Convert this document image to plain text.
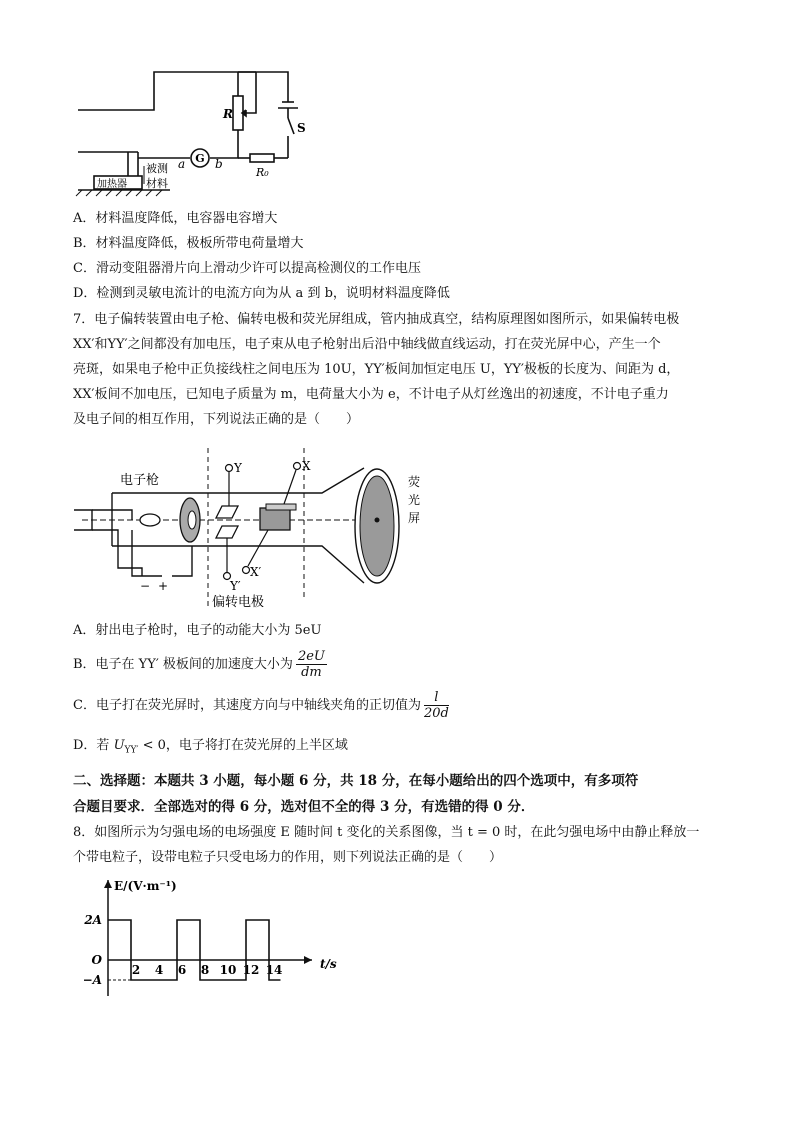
G
a b
R
S
R₀
被测
材料
加热器
A．材料温度降低，电容器电容增大
B．材料温度降低，极板所带电荷量增大
C．滑动变阻器滑片向上滑动少许可以提高检测仪的工作电压
D．检测到灵敏电流计的电流方向为从 a 到 b，说明材料温度降低
7．电子偏转装置由电子枪、偏转电极和荧光屏组成，管内抽成真空，结构原理图如图所示，如果偏转电极
XX′和YY′之间都没有加电压，电子束从电子枪射出后沿中轴线做直线运动，打在荧光屏中心，产生一个
亮斑，如果电子枪中正负接线柱之间电压为 10U，YY′板间加恒定电压 U，YY′极板的长度为、间距为 d，
XX′板间不加电压，已知电子质量为 m，电荷量大小为 e，不计电子从灯丝逸出的初速度，不计电子重力
及电子间的相互作用，下列说法正确的是（　　）
电子枪
Y	X
Y′
X′
荧
光
屏
− +
偏转电极
A．射出电子枪时，电子的动能大小为 5eU
B．电子在 YY′ 极板间的加速度大小为 $\frac{2eU}{dm}$
C．电子打在荧光屏时，其速度方向与中轴线夹角的正切值为 $\frac{l}{20d}$
D．若 $U_{YY'} < 0$，电子将打在荧光屏的上半区域
二、选择题：本题共 3 小题，每小题 6 分，共 18 分，在每小题给出的四个选项中，有多项符
合题目要求．全部选对的得 6 分，选对但不全的得 3 分，有选错的得 0 分．
8．如图所示为匀强电场的电场强度 E 随时间 t 变化的关系图像，当 t = 0 时，在此匀强电场中由静止释放一
个带电粒子，设带电粒子只受电场力的作用，则下列说法正确的是（　　）
2A
O
−A
2 4 6 8 10 12 14
E/(V·m⁻¹)
t/s
